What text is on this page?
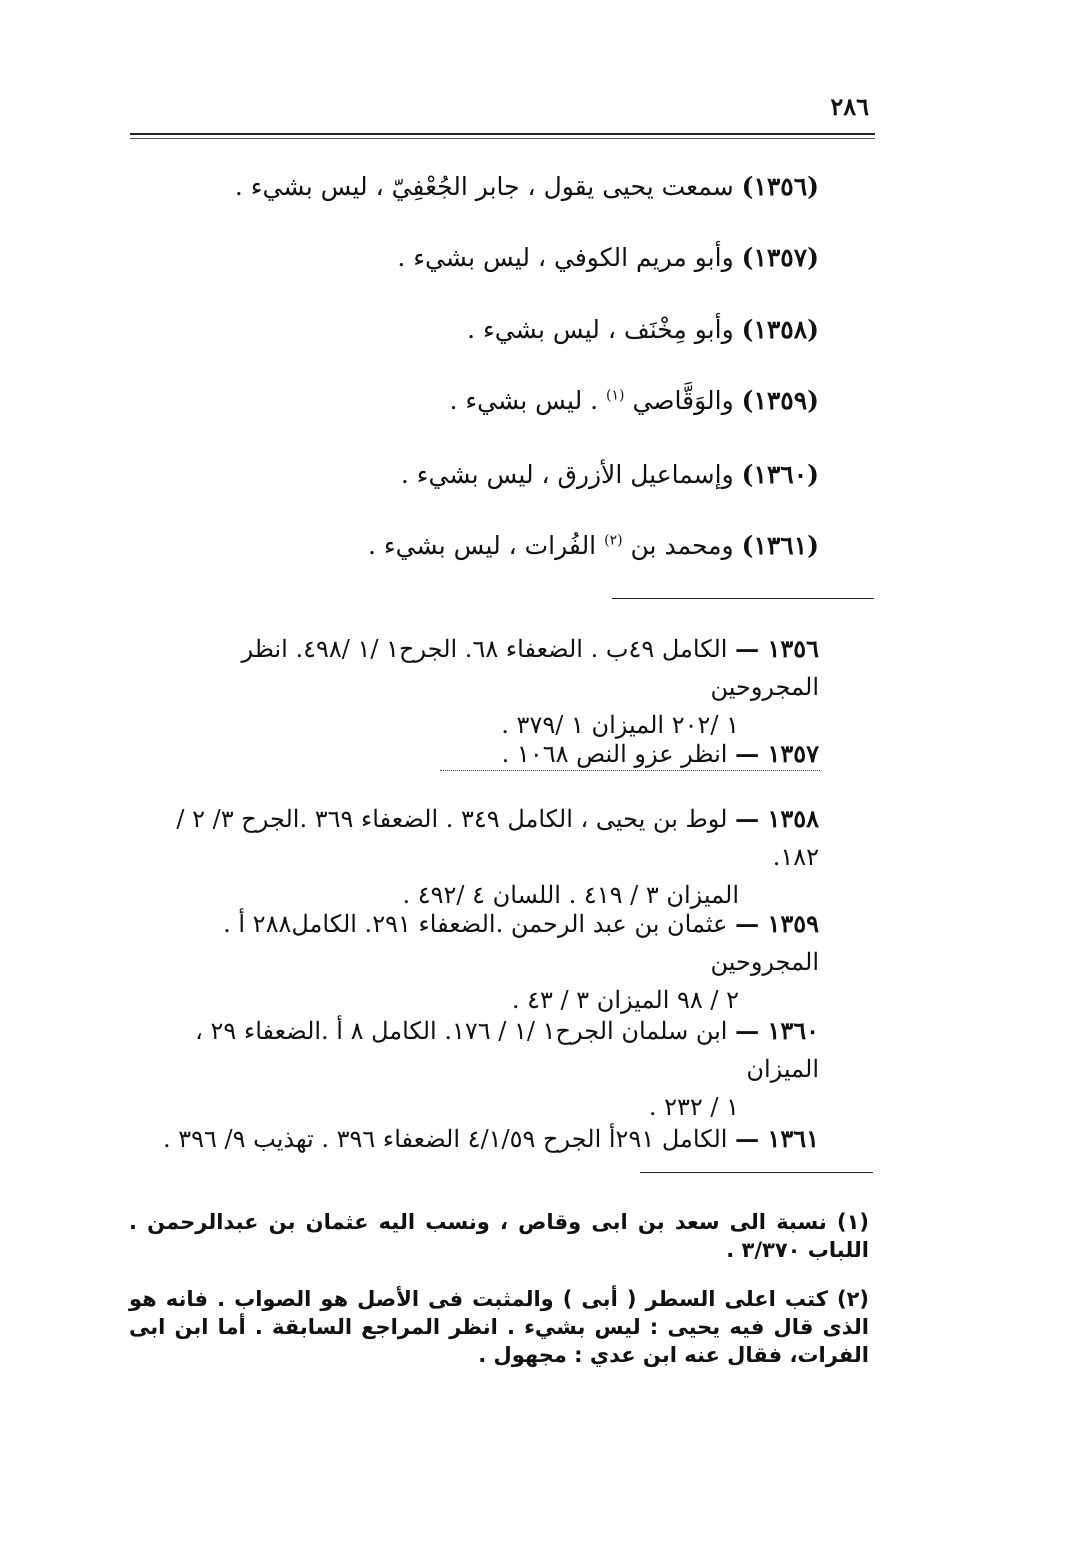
٢٨٦
(١٣٥٦) سمعت يحيى يقول ، جابر الجُعْفِيّ ، ليس بشيء .
(١٣٥٧) وأبو مريم الكوفي ، ليس بشيء .
(١٣٥٨) وأبو مِخْنَف ، ليس بشيء .
(١٣٥٩) والوَقَّاصي $^{(١)}$ . ليس بشيء .
(١٣٦٠) وإسماعيل الأزرق ، ليس بشيء .
(١٣٦١) ومحمد بن $^{(٢)}$ الفُرات ، ليس بشيء .
١٣٥٦ — الكامل ٤٩ب . الضعفاء ٦٨. الجرح١ /١ /٤٩٨. انظر المجروحين
١ /٢٠٢ الميزان ١ /٣٧٩ .
١٣٥٧ — انظر عزو النص ١٠٦٨ .
١٣٥٨ — لوط بن يحيى ، الكامل ٣٤٩ . الضعفاء ٣٦٩ .الجرح ٣/ ٢ / ١٨٢.
الميزان ٣ / ٤١٩ . اللسان ٤ /٤٩٢ .
١٣٥٩ — عثمان بن عبد الرحمن .الضعفاء ٢٩١. الكامل٢٨٨ أ . المجروحين
٢ / ٩٨ الميزان ٣ / ٤٣ .
١٣٦٠ — ابن سلمان الجرح١ /١ / ١٧٦. الكامل ٨ أ .الضعفاء ٢٩ ، الميزان
١ / ٢٣٢ .
١٣٦١ — الكامل ٢٩١أ الجرح ٤/١/٥٩ الضعفاء ٣٩٦ . تهذيب ٩/ ٣٩٦ .
(١) نسبة الى سعد بن ابى وقاص ، ونسب اليه عثمان بن عبدالرحمن . اللباب ٣/٣٧٠ .
(٢) كتب اعلى السطر ( أبى ) والمثبت فى الأصل هو الصواب . فانه هو الذى قال فيه يحيى : ليس بشيء . انظر المراجع السابقة . أما ابن ابى الفرات، فقال عنه ابن عدي : مجهول .
